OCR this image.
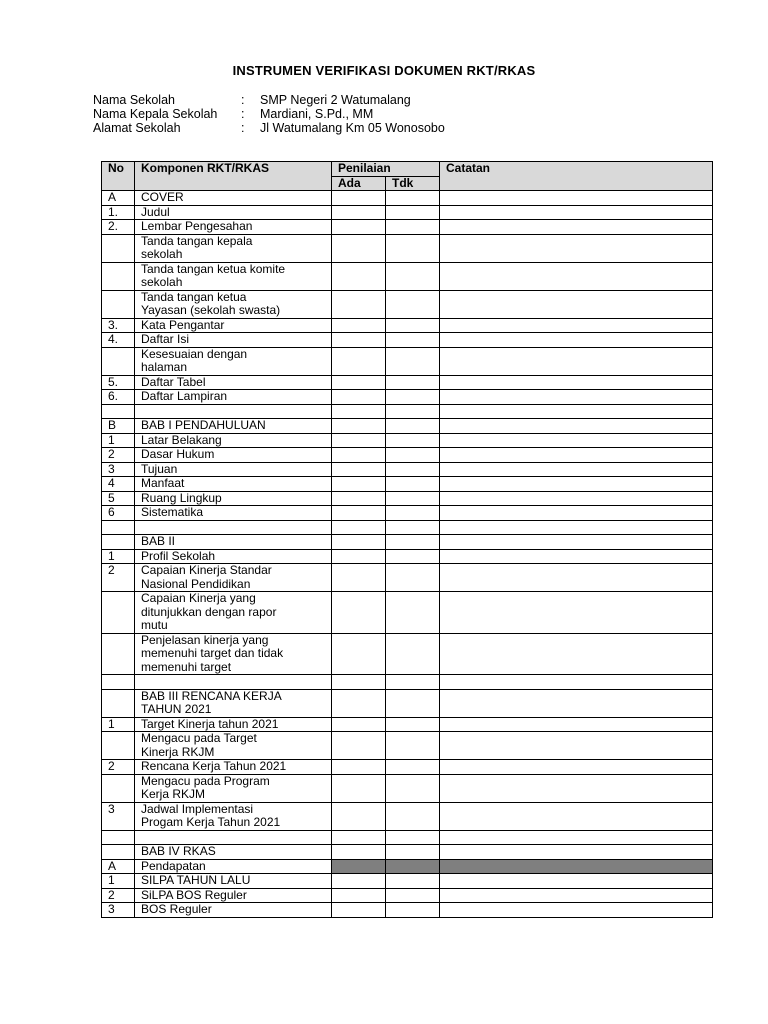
INSTRUMEN VERIFIKASI DOKUMEN RKT/RKAS
Nama Sekolah	: SMP Negeri 2 Watumalang
Nama Kepala Sekolah : Mardiani, S.Pd., MM
Alamat Sekolah	: Jl Watumalang Km 05 Wonosobo
No	Komponen RKT/RKAS	Penilaian		Catatan
		Ada	Tdk	
A	COVER			

1.	Judul			

2.	Lembar Pengesahan			

	Tanda tangan kepala
sekolah			

	Tanda tangan ketua komite
sekolah			

	Tanda tangan ketua
Yayasan (sekolah swasta)			

3.	Kata Pengantar			

4.	Daftar Isi			

	Kesesuaian dengan
halaman			

5.	Daftar Tabel			

6.	Daftar Lampiran			

B	BAB I PENDAHULUAN			

1	Latar Belakang			

2	Dasar Hukum			

3	Tujuan			

4	Manfaat			

5	Ruang Lingkup			

6	Sistematika			

	BAB II			

1	Profil Sekolah			

2	Capaian Kinerja Standar
Nasional Pendidikan			

	Capaian Kinerja yang
ditunjukkan dengan rapor
mutu			

	Penjelasan kinerja yang
memenuhi target dan tidak
memenuhi target			

	BAB III RENCANA KERJA
TAHUN 2021			

1	Target Kinerja tahun 2021			

	Mengacu pada Target
Kinerja RKJM			

2	Rencana Kerja Tahun 2021			

	Mengacu pada Program
Kerja RKJM			

3	Jadwal Implementasi
Progam Kerja Tahun 2021			

	BAB IV RKAS			

A	Pendapatan			

1	SILPA TAHUN LALU			

2	SiLPA BOS Reguler			

3	BOS Reguler			
